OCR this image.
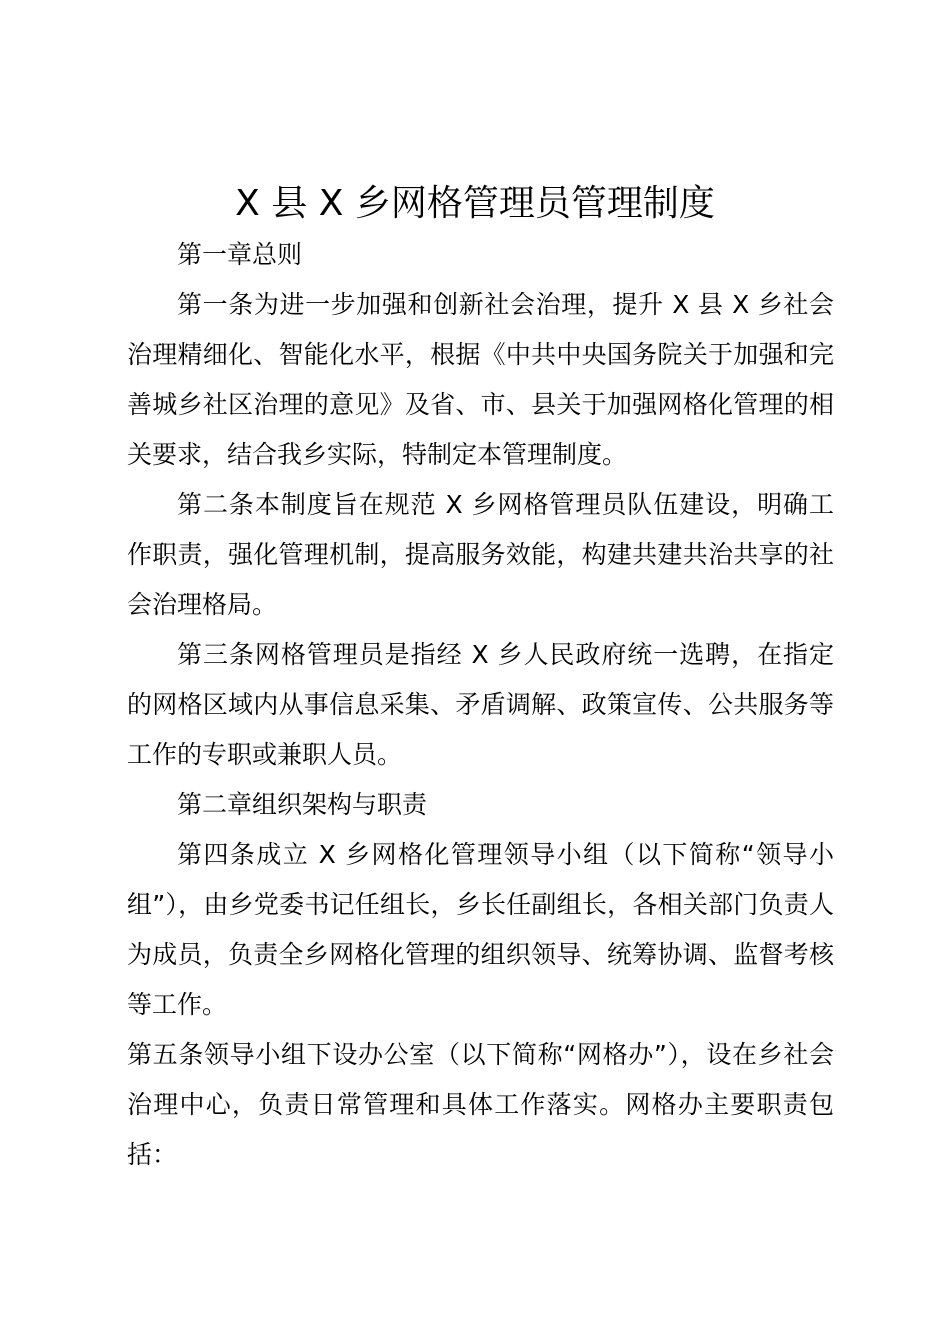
X 县 X 乡网格管理员管理制度

第一章总则

第一条为进一步加强和创新社会治理，提升 X 县 X 乡社会治理精细化、智能化水平，根据《中共中央国务院关于加强和完善城乡社区治理的意见》及省、市、县关于加强网格化管理的相关要求，结合我乡实际，特制定本管理制度。

第二条本制度旨在规范 X 乡网格管理员队伍建设，明确工作职责，强化管理机制，提高服务效能，构建共建共治共享的社会治理格局。

第三条网格管理员是指经 X 乡人民政府统一选聘，在指定的网格区域内从事信息采集、矛盾调解、政策宣传、公共服务等工作的专职或兼职人员。

第二章组织架构与职责

第四条成立 X 乡网格化管理领导小组（以下简称“领导小组”），由乡党委书记任组长，乡长任副组长，各相关部门负责人为成员，负责全乡网格化管理的组织领导、统筹协调、监督考核等工作。

第五条领导小组下设办公室（以下简称“网格办”），设在乡社会治理中心，负责日常管理和具体工作落实。网格办主要职责包括：
